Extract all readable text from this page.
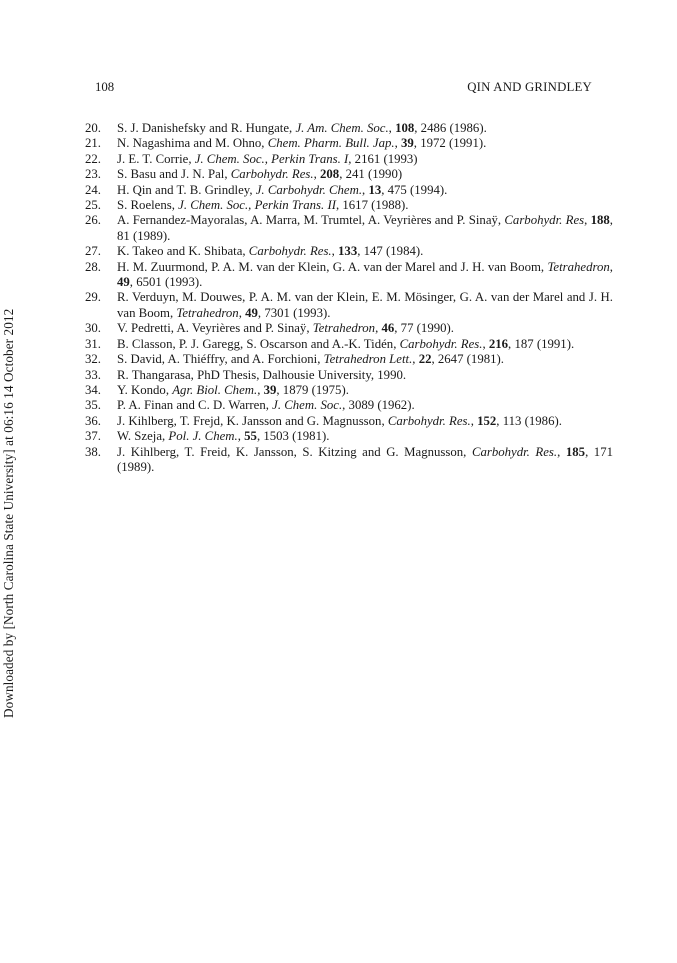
Downloaded by [North Carolina State University] at 06:16 14 October 2012
108	QIN AND GRINDLEY
20.	S. J. Danishefsky and R. Hungate, J. Am. Chem. Soc., 108, 2486 (1986).
21.	N. Nagashima and M. Ohno, Chem. Pharm. Bull. Jap., 39, 1972 (1991).
22.	J. E. T. Corrie, J. Chem. Soc., Perkin Trans. I, 2161 (1993)
23.	S. Basu and J. N. Pal, Carbohydr. Res., 208, 241 (1990)
24.	H. Qin and T. B. Grindley, J. Carbohydr. Chem., 13, 475 (1994).
25.	S. Roelens, J. Chem. Soc., Perkin Trans. II, 1617 (1988).
26.	A. Fernandez-Mayoralas, A. Marra, M. Trumtel, A. Veyrières and P. Sinaÿ, Carbohydr. Res, 188, 81 (1989).
27.	K. Takeo and K. Shibata, Carbohydr. Res., 133, 147 (1984).
28.	H. M. Zuurmond, P. A. M. van der Klein, G. A. van der Marel and J. H. van Boom, Tetrahedron, 49, 6501 (1993).
29.	R. Verduyn, M. Douwes, P. A. M. van der Klein, E. M. Mösinger, G. A. van der Marel and J. H. van Boom, Tetrahedron, 49, 7301 (1993).
30.	V. Pedretti, A. Veyrières and P. Sinaÿ, Tetrahedron, 46, 77 (1990).
31.	B. Classon, P. J. Garegg, S. Oscarson and A.-K. Tidén, Carbohydr. Res., 216, 187 (1991).
32.	S. David, A. Thiéffry, and A. Forchioni, Tetrahedron Lett., 22, 2647 (1981).
33.	R. Thangarasa, PhD Thesis, Dalhousie University, 1990.
34.	Y. Kondo, Agr. Biol. Chem., 39, 1879 (1975).
35.	P. A. Finan and C. D. Warren, J. Chem. Soc., 3089 (1962).
36.	J. Kihlberg, T. Frejd, K. Jansson and G. Magnusson, Carbohydr. Res., 152, 113 (1986).
37.	W. Szeja, Pol. J. Chem., 55, 1503 (1981).
38.	J. Kihlberg, T. Freid, K. Jansson, S. Kitzing and G. Magnusson, Carbohydr. Res., 185, 171 (1989).
